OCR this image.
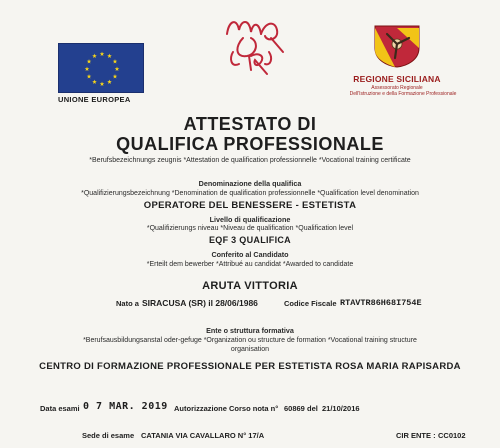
UNIONE EUROPEA
REGIONE SICILIANA
Assessorato Regionale
Dell'Istruzione e della Formazione Professionale
ATTESTATO DI
QUALIFICA PROFESSIONALE
*Berufsbezeichnungs zeugnis *Attestation de qualification professionnelle *Vocational training certificate
Denominazione della qualifica
*Qualifizierungsbezeichnung *Denomination de qualification professionnelle *Qualification level denomination
OPERATORE DEL BENESSERE - ESTETISTA
Livello di qualificazione
*Qualifizierungs niveau *Niveau de qualification *Qualification level
EQF 3 QUALIFICA
Conferito al Candidato
*Erteilt dem bewerber *Attribué au candidat *Awarded to candidate
ARUTA VITTORIA
Nato a SIRACUSA (SR) il 28/06/1986	Codice Fiscale RTAVTR86H68I754E
Ente o struttura formativa
*Berufsausbildungsanstal oder-gefuge *Organization ou structure de formation *Vocational training structure
organisation
CENTRO DI FORMAZIONE PROFESSIONALE PER ESTETISTA ROSA MARIA RAPISARDA
Data esami 0 7 MAR. 2019 Autorizzazione Corso nota n° 60869 del 21/10/2016
Sede di esame CATANIA VIA CAVALLARO N° 17/A	CIR ENTE : CC0102
